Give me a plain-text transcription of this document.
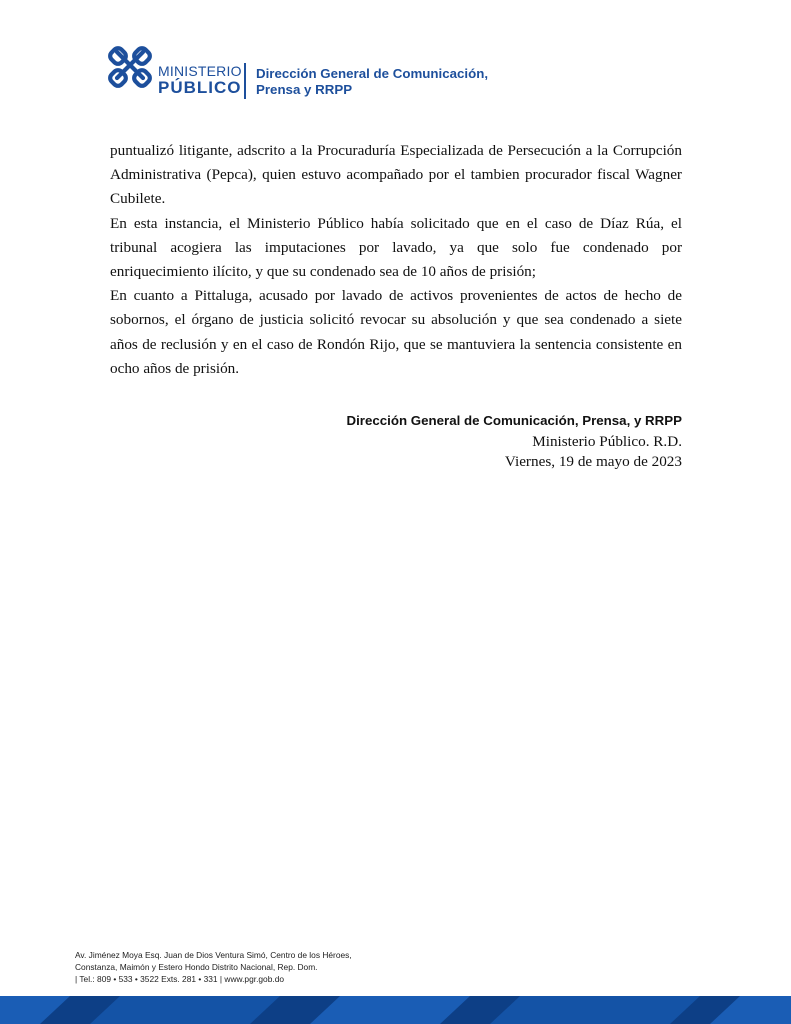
MINISTERIO
PÚBLICO
Dirección General de Comunicación,
Prensa y RRPP

puntualizó litigante, adscrito a la Procuraduría Especializada de Persecución a la Corrupción Administrativa (Pepca), quien estuvo acompañado por el tambien procurador fiscal Wagner Cubilete.

En esta instancia, el Ministerio Público había solicitado que en el caso de Díaz Rúa, el tribunal acogiera las imputaciones por lavado, ya que solo fue condenado por enriquecimiento ilícito, y que su condenado sea de 10 años de prisión;

En cuanto a Pittaluga, acusado por lavado de activos provenientes de actos de hecho de sobornos, el órgano de justicia solicitó revocar su absolución y que sea condenado a siete años de reclusión y en el caso de Rondón Rijo, que se mantuviera la sentencia consistente en ocho años de prisión.

Dirección General de Comunicación, Prensa, y RRPP
Ministerio Público. R.D.
Viernes, 19 de mayo de 2023
Av. Jiménez Moya Esq. Juan de Dios Ventura Simó, Centro de los Héroes,
Constanza, Maimón y Estero Hondo Distrito Nacional, Rep. Dom.
| Tel.: 809 • 533 • 3522 Exts. 281 • 331 | www.pgr.gob.do
